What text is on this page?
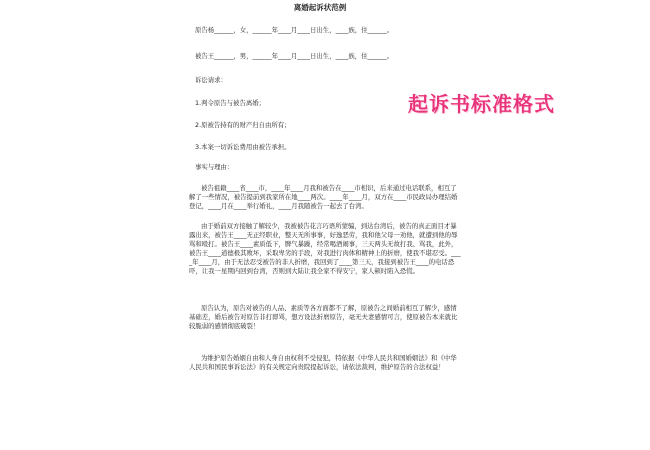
离婚起诉状范例
原告杨______，女，______年____月____日出生，____族，住______。
被告王______，男，______年____月____日出生，____族，住______。
诉讼请求：
1.判令原告与被告离婚；
2.原被告持有的财产归自由所有；
3.本案一切诉讼费用由被告承担。
事实与理由：
被告祖籍____省____市，____年____月我和被告在____市相识，后来通过电话联系，相互了解了一些情况，被告提前到我家所在地____两次。____年____月，双方在____市民政局办理结婚登记，____月在____举行婚礼，____月我随被告一起去了台湾。
由于婚前双方接触了解较少，我被被告花言巧语所蒙骗，到达台湾后，被告的真正面目才暴露出来，被告王____无正经职业，整天无所事事，好逸恶劳，我和他父母一劝他，就遭到他的辱骂和殴打。被告王____素质低下，脾气暴躁，经常喝酒闹事，三天两头无故打我、骂我，此外，被告王____道德极其败坏，采取卑劣的手段，对我进行肉体和精神上的折磨，使我不堪忍受。____年____月，由于无法忍受被告的非人折磨，我回到了____第三天，我接到被告王____的电话恐吓，让我一星期内回到台湾，否则到大陆让我全家不得安宁，家人顿时陷入恐慌。
原告认为，原告对被告的人品、素质等各方面都不了解，原被告之间婚前相互了解少，感情基础差，婚后被告对原告非打即骂，想方设法折磨原告，毫无夫妻感情可言，使原被告本来就比较脆弱的感情彻底破裂！
为维护原告婚姻自由和人身自由权利不受侵犯，特依据《中华人民共和国婚姻法》和《中华人民共和国民事诉讼法》的有关规定向贵院提起诉讼，请依法裁判，维护原告的合法权益！
起诉书标准格式
